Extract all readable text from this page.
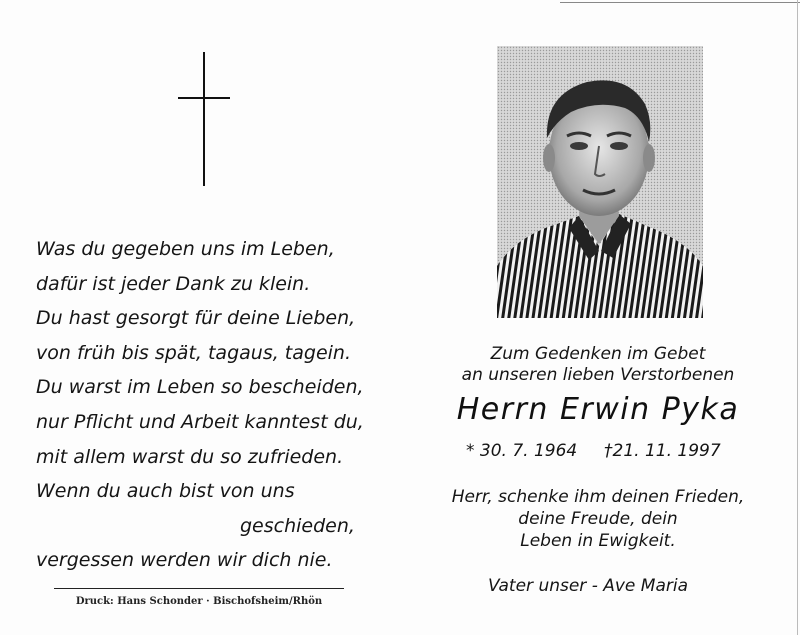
Was du gegeben uns im Leben,
dafür ist jeder Dank zu klein.
Du hast gesorgt für deine Lieben,
von früh bis spät, tagaus, tagein.
Du warst im Leben so bescheiden,
nur Pflicht und Arbeit kanntest du,
mit allem warst du so zufrieden.
Wenn du auch bist von uns
geschieden,
vergessen werden wir dich nie.
Druck: Hans Schonder · Bischofsheim/Rhön
Zum Gedenken im Gebet
an unseren lieben Verstorbenen
Herrn Erwin Pyka
* 30. 7. 1964 †21. 11. 1997
Herr, schenke ihm deinen Frieden,
deine Freude, dein
Leben in Ewigkeit.
Vater unser - Ave Maria
